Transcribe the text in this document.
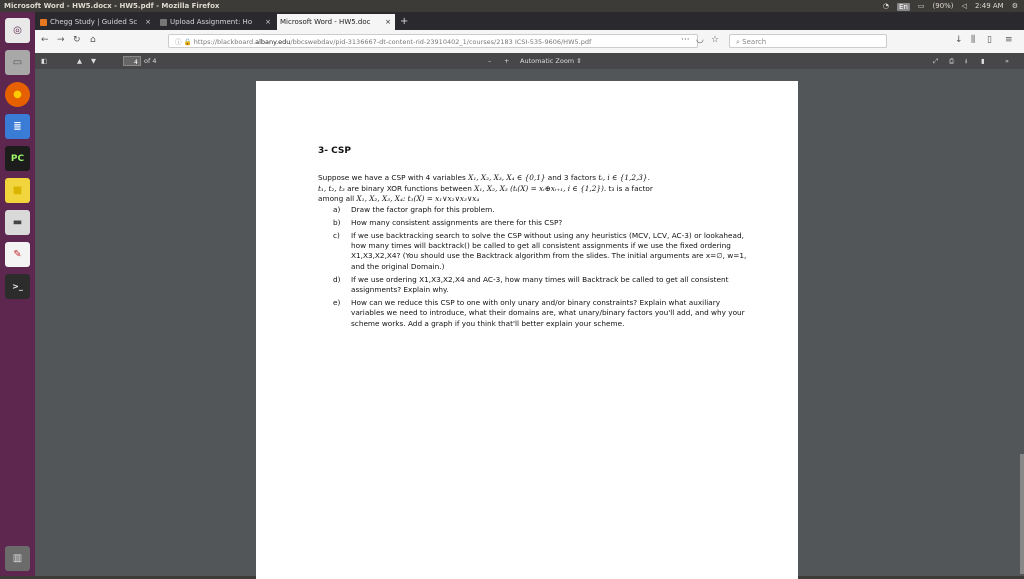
Microsoft Word - HW5.docx - HW5.pdf - Mozilla Firefox	◔ En ▭ (90%) ◁ 2:49 AM ⚙
◎
▭
●
≣
PC
■
▬
✎
>_
▥
Chegg Study | Guided Sc ×	Upload Assignment: Ho × Microsoft Word - HW5.doc × +
← → ↻ ⌂	ⓘ 🔒 https://blackboard.albany.edu/bbcswebdav/pid-3136667-dt-content-rid-23910402_1/courses/2183 ICSI-535-9606/HW5.pdf	··· ◡ ☆	⌕ Search	↓ ⫼ ▯ ≡
◧	▲ ▼	4 of 4	– + Automatic Zoom ⇕	⤢ ⎙ ⭳ ▮	»
3- CSP

Suppose we have a CSP with 4 variables X₁, X₂, X₃, X₄ ∈ {0,1} and 3 factors tᵢ, i ∈ {1,2,3}.
t₁, t₂, t₃ are binary XOR functions between X₁, X₂, X₃ (tᵢ(X) = xᵢ⊕xᵢ₊₁, i ∈ {1,2}). t₃ is a factor
among all X₁, X₂, X₃, X₄: t₃(X) = x₁∨x₂∨x₃∨x₄

a) Draw the factor graph for this problem.
b) How many consistent assignments are there for this CSP?
c) If we use backtracking search to solve the CSP without using any heuristics (MCV, LCV, AC-3) or lookahead, how many times will backtrack() be called to get all consistent assignments if we use the fixed ordering X1,X3,X2,X4? (You should use the Backtrack algorithm from the slides. The initial arguments are x=∅, w=1, and the original Domain.)
d) If we use ordering X1,X3,X2,X4 and AC-3, how many times will Backtrack be called to get all consistent assignments? Explain why.
e) How can we reduce this CSP to one with only unary and/or binary constraints? Explain what auxiliary variables we need to introduce, what their domains are, what unary/binary factors you'll add, and why your scheme works. Add a graph if you think that'll better explain your scheme.
